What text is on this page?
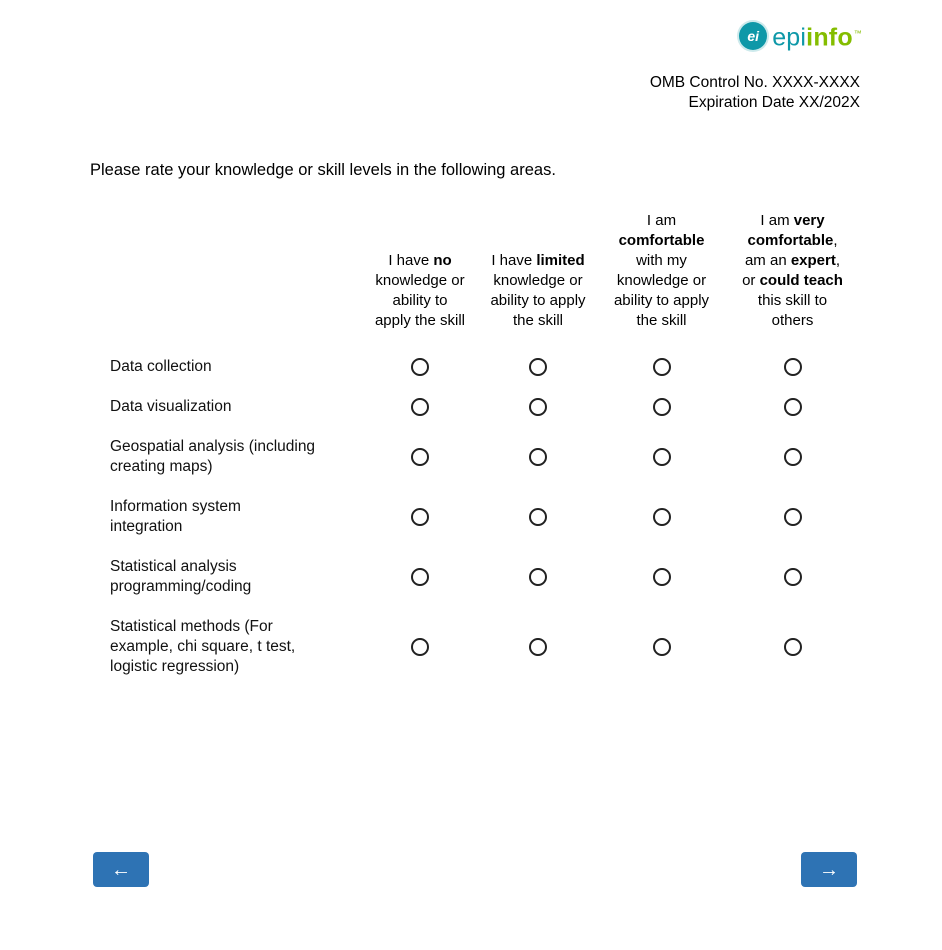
ei epiinfo™
OMB Control No. XXXX-XXXX
Expiration Date XX/202X
Please rate your knowledge or skill levels in the following areas.
	I have no knowledge or ability to apply the skill	I have limited knowledge or ability to apply the skill	I am comfortable with my knowledge or ability to apply the skill	I am very comfortable, am an expert, or could teach this skill to others
Data collection				
Data visualization				
Geospatial analysis (including
creating maps)				
Information system
integration				
Statistical analysis
programming/coding				
Statistical methods (For
example, chi square, t test,
logistic regression)				
←	→
